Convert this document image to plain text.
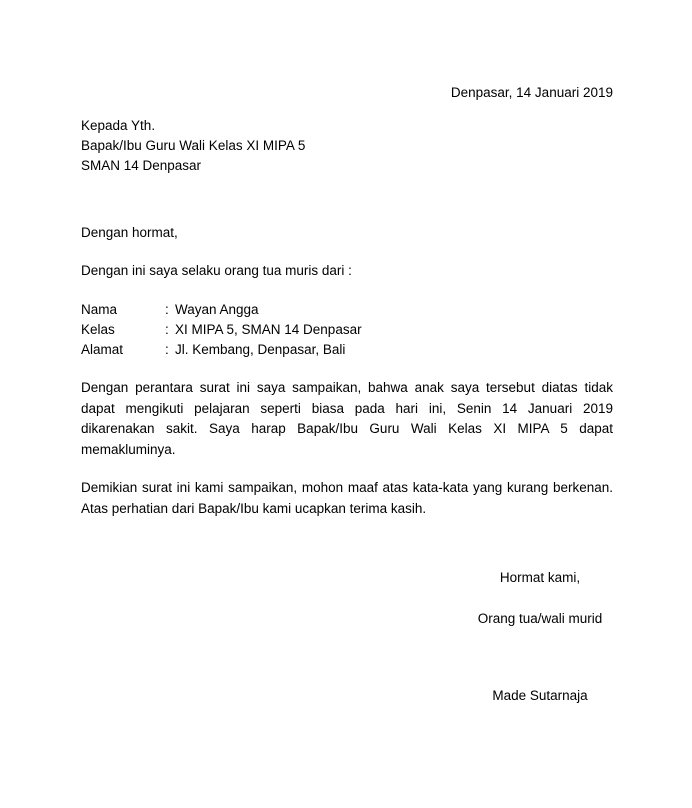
Denpasar, 14 Januari 2019
Kepada Yth.
Bapak/Ibu Guru Wali Kelas XI MIPA 5
SMAN 14 Denpasar
Dengan hormat,
Dengan ini saya selaku orang tua muris dari :
Nama	:	Wayan Angga
Kelas	:	XI MIPA 5, SMAN 14 Denpasar
Alamat	:	Jl. Kembang, Denpasar, Bali

Dengan perantara surat ini saya sampaikan, bahwa anak saya tersebut diatas tidak dapat mengikuti pelajaran seperti biasa pada hari ini, Senin 14 Januari 2019 dikarenakan sakit. Saya harap Bapak/Ibu Guru Wali Kelas XI MIPA 5 dapat memakluminya.

Demikian surat ini kami sampaikan, mohon maaf atas kata-kata yang kurang berkenan. Atas perhatian dari Bapak/Ibu kami ucapkan terima kasih.

Hormat kami,
Orang tua/wali murid
Made Sutarnaja
